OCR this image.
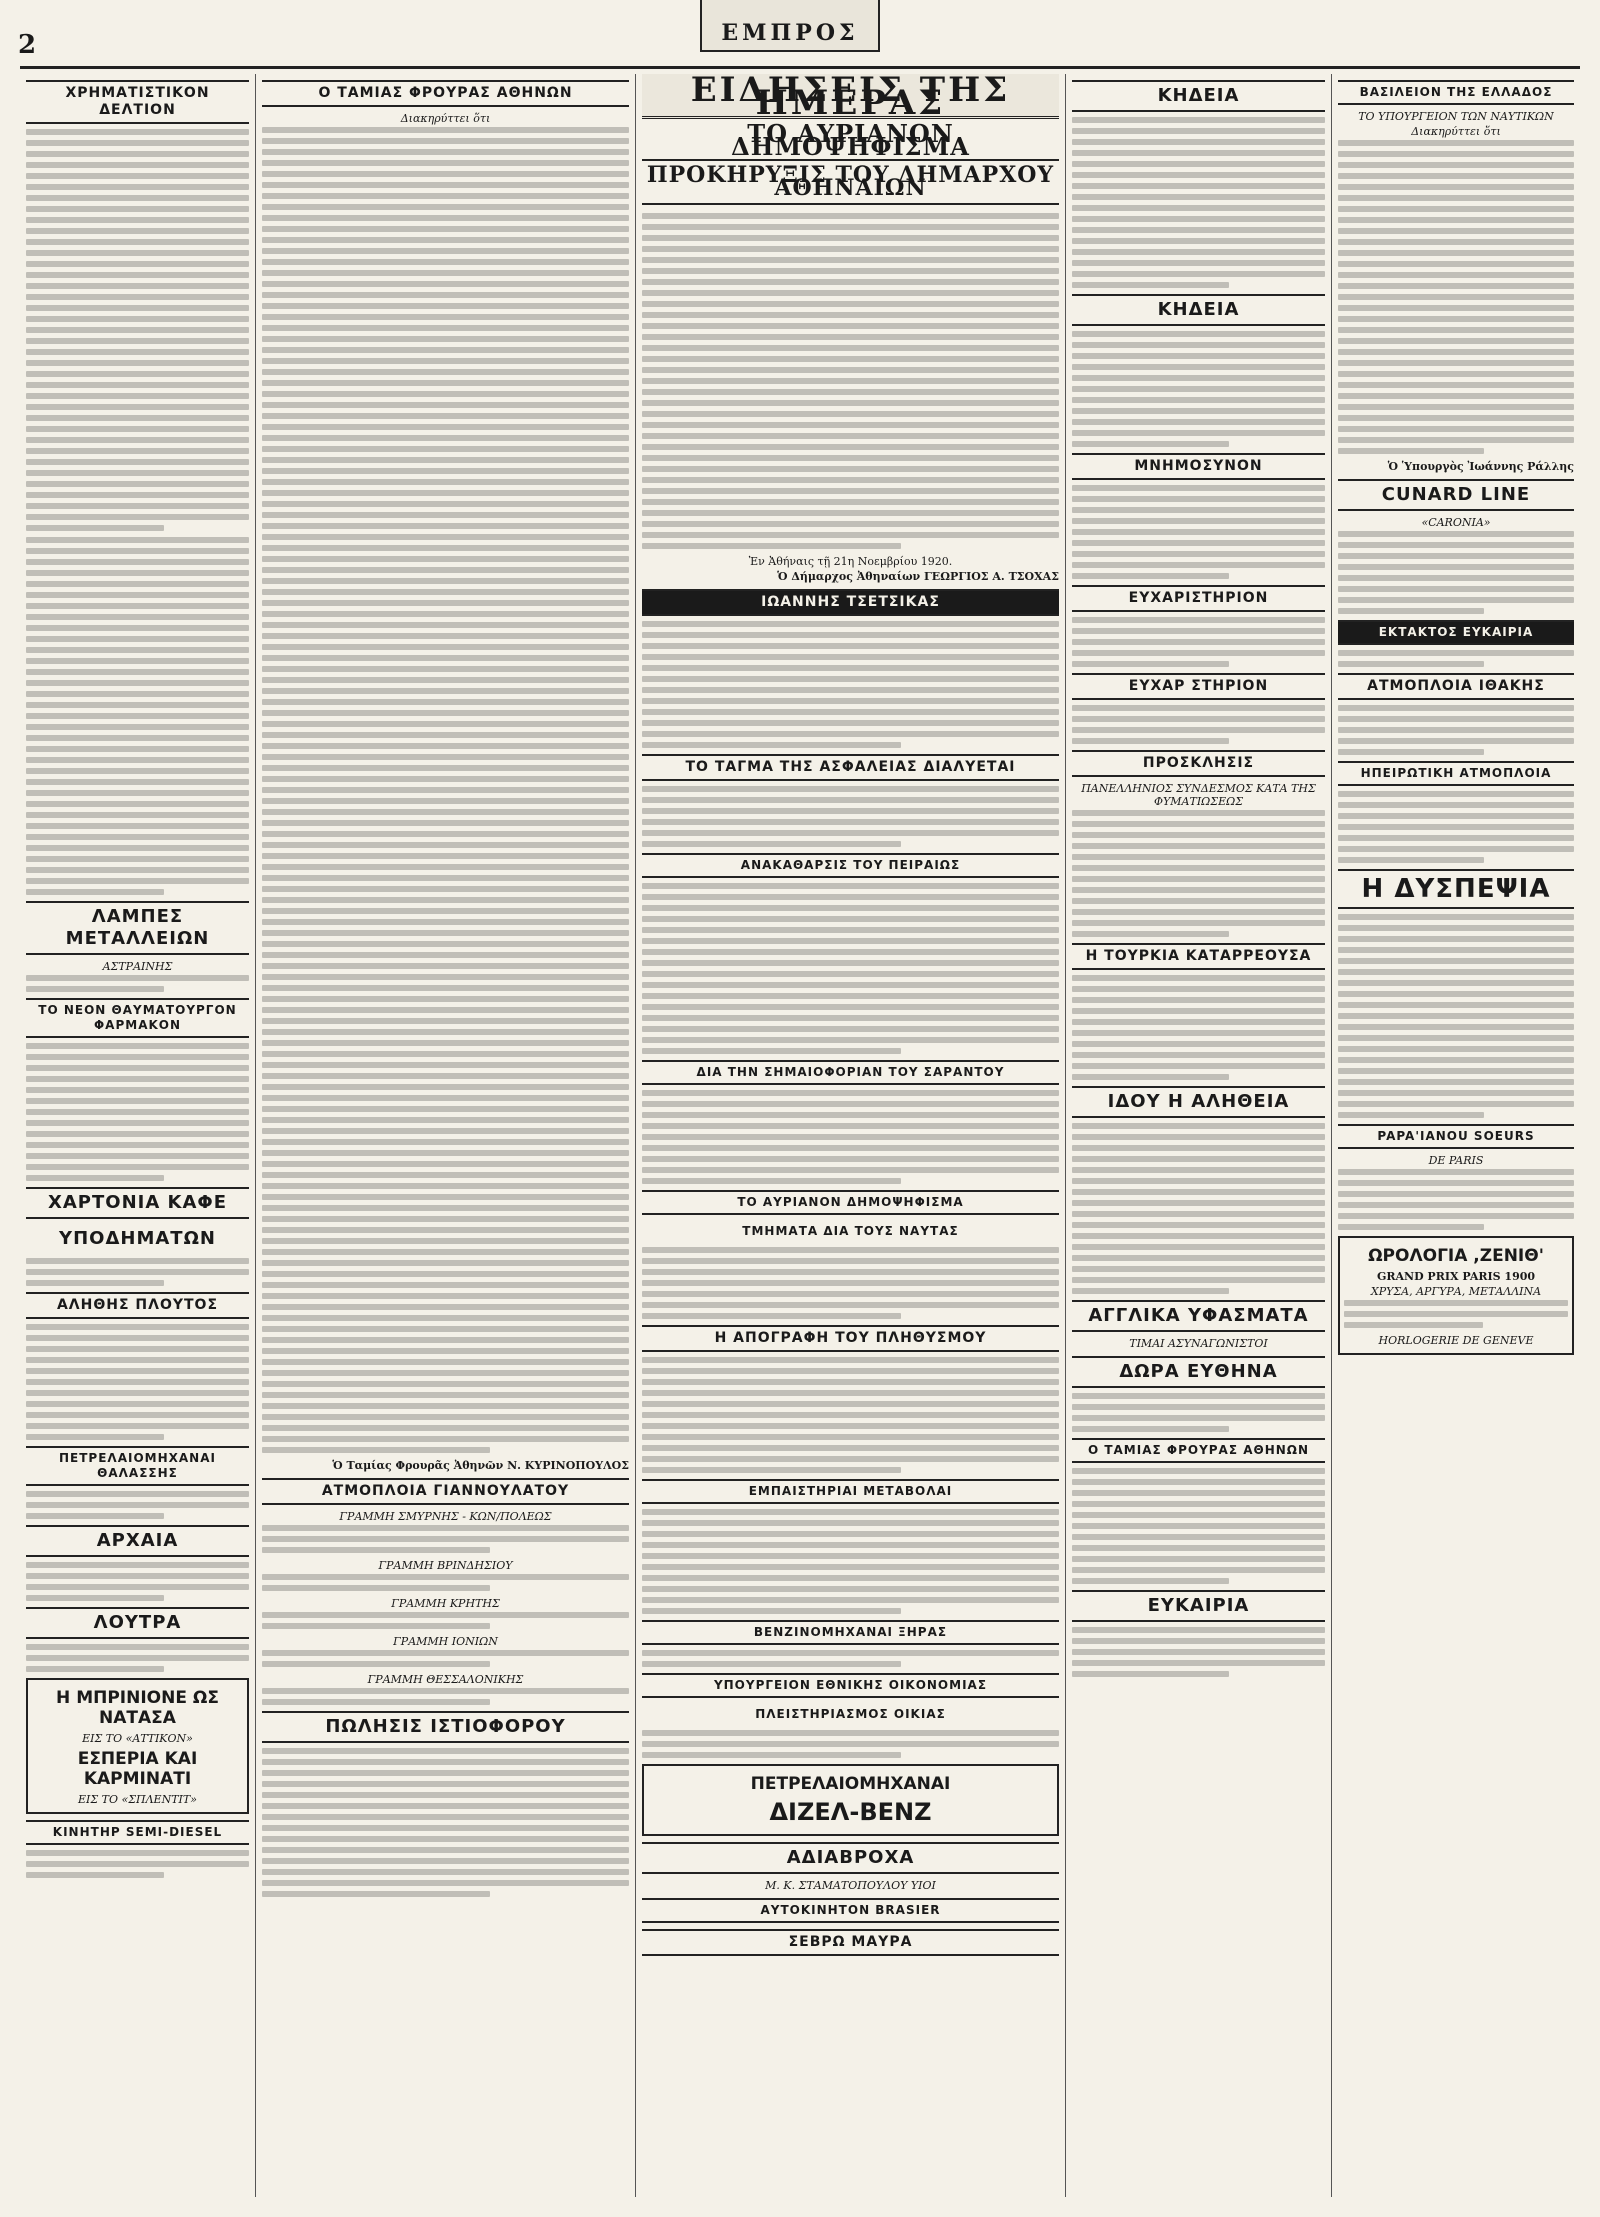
2	ΕΜΠΡΟΣ
ΧΡΗΜΑΤΙΣΤΙΚΟΝ ΔΕΛΤΙΟΝ
ΛΑΜΠΕΣ ΜΕΤΑΛΛΕΙΩΝ
ΑΣΤΡΑΙΝΗΣ
ΤΟ ΝΕΟΝ ΘΑΥΜΑΤΟΥΡΓΟΝ ΦΑΡΜΑΚΟΝ
ΧΑΡΤΟΝΙΑ ΚΑΦΕ
ΥΠΟΔΗΜΑΤΩΝ
ΑΛΗΘΗΣ ΠΛΟΥΤΟΣ
ΠΕΤΡΕΛΑΙΟΜΗΧΑΝΑΙ ΘΑΛΑΣΣΗΣ
ΑΡΧΑΙΑ
ΛΟΥΤΡΑ
Η ΜΠΡΙΝΙΟΝΕ ΩΣ ΝΑΤΑΣΑ
ΕΙΣ ΤΟ «ΑΤΤΙΚΟΝ»
ΕΣΠΕΡΙΑ ΚΑΙ ΚΑΡΜΙΝΑΤΙ
ΕΙΣ ΤΟ «ΣΠΛΕΝΤΙΤ»
ΚΙΝΗΤΗΡ SEMI-DIESEL
Ο ΤΑΜΙΑΣ ΦΡΟΥΡΑΣ ΑΘΗΝΩΝ
Διακηρύττει ὅτι
Ὁ Ταμίας Φρουρᾶς Ἀθηνῶν Ν. ΚΥΡΙΝΟΠΟΥΛΟΣ
ΑΤΜΟΠΛΟΙΑ ΓΙΑΝΝΟΥΛΑΤΟΥ
ΓΡΑΜΜΗ ΣΜΥΡΝΗΣ - ΚΩΝ/ΠΟΛΕΩΣ
ΓΡΑΜΜΗ ΒΡΙΝΔΗΣΙΟΥ
ΓΡΑΜΜΗ ΚΡΗΤΗΣ
ΓΡΑΜΜΗ ΙΟΝΙΩΝ
ΓΡΑΜΜΗ ΘΕΣΣΑΛΟΝΙΚΗΣ
ΠΩΛΗΣΙΣ ΙΣΤΙΟΦΟΡΟΥ
ΕΙΔΗΣΕΙΣ ΤΗΣ ΗΜΕΡΑΣ
ΤΟ ΑΥΡΙΑΝΟΝ ΔΗΜΟΨΗΦΙΣΜΑ
ΠΡΟΚΗΡΥΞΙΣ ΤΟΥ ΔΗΜΑΡΧΟΥ ΑΘΗΝΑΙΩΝ
Ἐν Ἀθήναις τῇ 21η Νοεμβρίου 1920.
Ὁ Δήμαρχος Ἀθηναίων ΓΕΩΡΓΙΟΣ Α. ΤΣΟΧΑΣ
ΙΩΑΝΝΗΣ ΤΣΕΤΣΙΚΑΣ
ΤΟ ΤΑΓΜΑ ΤΗΣ ΑΣΦΑΛΕΙΑΣ ΔΙΑΛΥΕΤΑΙ
ΑΝΑΚΑΘΑΡΣΙΣ ΤΟΥ ΠΕΙΡΑΙΩΣ
ΔΙΑ ΤΗΝ ΣΗΜΑΙΟΦΟΡΙΑΝ ΤΟΥ ΣΑΡΑΝΤΟΥ
ΤΟ ΑΥΡΙΑΝΟΝ ΔΗΜΟΨΗΦΙΣΜΑ
ΤΜΗΜΑΤΑ ΔΙΑ ΤΟΥΣ ΝΑΥΤΑΣ
Η ΑΠΟΓΡΑΦΗ ΤΟΥ ΠΛΗΘΥΣΜΟΥ
ΕΜΠΑΙΣΤΗΡΙΑΙ ΜΕΤΑΒΟΛΑΙ
ΒΕΝΖΙΝΟΜΗΧΑΝΑΙ ΞΗΡΑΣ
ΥΠΟΥΡΓΕΙΟΝ ΕΘΝΙΚΗΣ ΟΙΚΟΝΟΜΙΑΣ
ΠΛΕΙΣΤΗΡΙΑΣΜΟΣ ΟΙΚΙΑΣ
ΠΕΤΡΕΛΑΙΟΜΗΧΑΝΑΙ
ΔΙΖΕΛ-ΒΕΝΖ
ΑΔΙΑΒΡΟΧΑ
Μ. Κ. ΣΤΑΜΑΤΟΠΟΥΛΟΥ ΥΙΟΙ
ΑΥΤΟΚΙΝΗΤΟΝ BRASIER
ΣΕΒΡΩ ΜΑΥΡΑ
ΚΗΔΕΙΑ
ΚΗΔΕΙΑ
ΜΝΗΜΟΣΥΝΟΝ
ΕΥΧΑΡΙΣΤΗΡΙΟΝ
ΕΥΧΑΡ ΣΤΗΡΙΟΝ
ΠΡΟΣΚΛΗΣΙΣ
ΠΑΝΕΛΛΗΝΙΟΣ ΣΥΝΔΕΣΜΟΣ ΚΑΤΑ ΤΗΣ ΦΥΜΑΤΙΩΣΕΩΣ
Η ΤΟΥΡΚΙΑ ΚΑΤΑΡΡΕΟΥΣΑ
ΙΔΟΥ Η ΑΛΗΘΕΙΑ
ΑΓΓΛΙΚΑ ΥΦΑΣΜΑΤΑ
ΤΙΜΑΙ ΑΣΥΝΑΓΩΝΙΣΤΟΙ
ΔΩΡΑ ΕΥΘΗΝΑ
Ο ΤΑΜΙΑΣ ΦΡΟΥΡΑΣ ΑΘΗΝΩΝ
ΕΥΚΑΙΡΙΑ
ΒΑΣΙΛΕΙΟΝ ΤΗΣ ΕΛΛΑΔΟΣ
ΤΟ ΥΠΟΥΡΓΕΙΟΝ ΤΩΝ ΝΑΥΤΙΚΩΝ
Διακηρύττει ὅτι
Ὁ Ὑπουργὸς Ἰωάννης Ράλλης
CUNARD LINE
«CARONIA»
ΕΚΤΑΚΤΟΣ ΕΥΚΑΙΡΙΑ
ΑΤΜΟΠΛΟΙΑ ΙΘΑΚΗΣ
ΗΠΕΙΡΩΤΙΚΗ ΑΤΜΟΠΛΟΙΑ
Η ΔΥΣΠΕΨΙΑ
PAPA'IANOU SOEURS
DE PARIS
ΩΡΟΛΟΓΙΑ ,ΖΕΝΙΘ'
GRAND PRIX PARIS 1900
ΧΡΥΣΑ, ΑΡΓΥΡΑ, ΜΕΤΑΛΛΙΝΑ
HORLOGERIE DE GENEVE
